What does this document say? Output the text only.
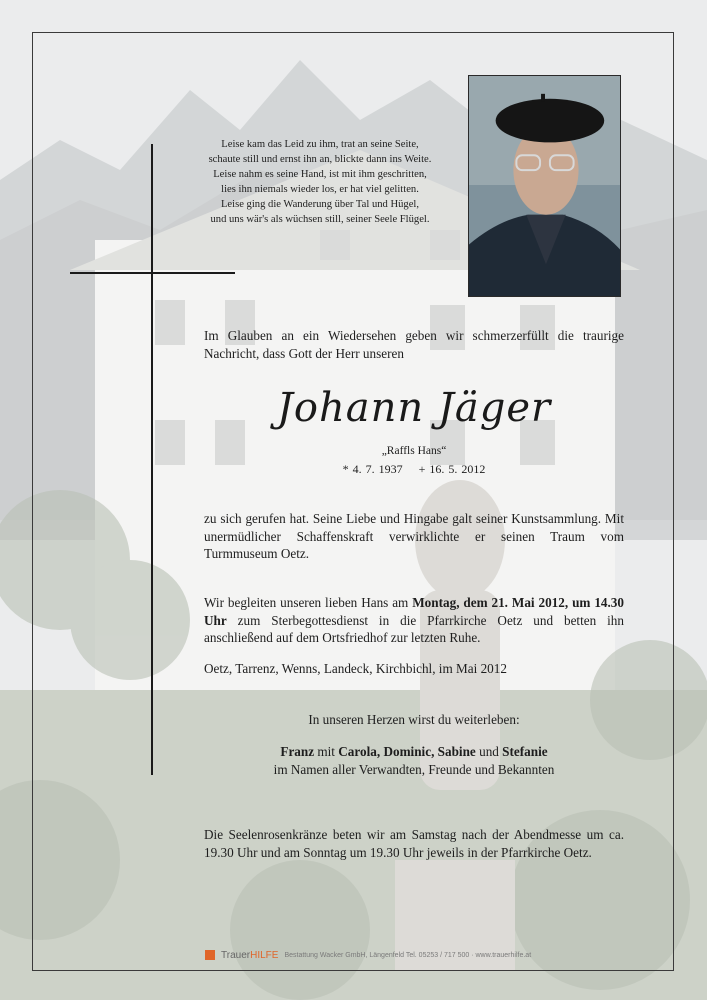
Leise kam das Leid zu ihm, trat an seine Seite,
schaute still und ernst ihn an, blickte dann ins Weite.
Leise nahm es seine Hand, ist mit ihm geschritten,
lies ihn niemals wieder los, er hat viel gelitten.
Leise ging die Wanderung über Tal und Hügel,
und uns wär's als wüchsen still, seiner Seele Flügel.
Im Glauben an ein Wiedersehen geben wir schmerzerfüllt die traurige Nachricht, dass Gott der Herr unseren
Johann Jäger
„Raffls Hans“
* 4. 7. 1937 + 16. 5. 2012
zu sich gerufen hat. Seine Liebe und Hingabe galt seiner Kunstsammlung. Mit unermüdlicher Schaffenskraft verwirklichte er seinen Traum vom Turmmuseum Oetz.
Wir begleiten unseren lieben Hans am Montag, dem 21. Mai 2012, um 14.30 Uhr zum Sterbegottesdienst in die Pfarrkirche Oetz und betten ihn anschließend auf dem Ortsfriedhof zur letzten Ruhe.
Oetz, Tarrenz, Wenns, Landeck, Kirchbichl, im Mai 2012
In unseren Herzen wirst du weiterleben:
Franz mit Carola, Dominic, Sabine und Stefanie
im Namen aller Verwandten, Freunde und Bekannten
Die Seelenrosenkränze beten wir am Samstag nach der Abendmesse um ca. 19.30 Uhr und am Sonntag um 19.30 Uhr jeweils in der Pfarrkirche Oetz.
TrauerHILFE Bestattung Wacker GmbH, Längenfeld Tel. 05253 / 717 500 · www.trauerhilfe.at
